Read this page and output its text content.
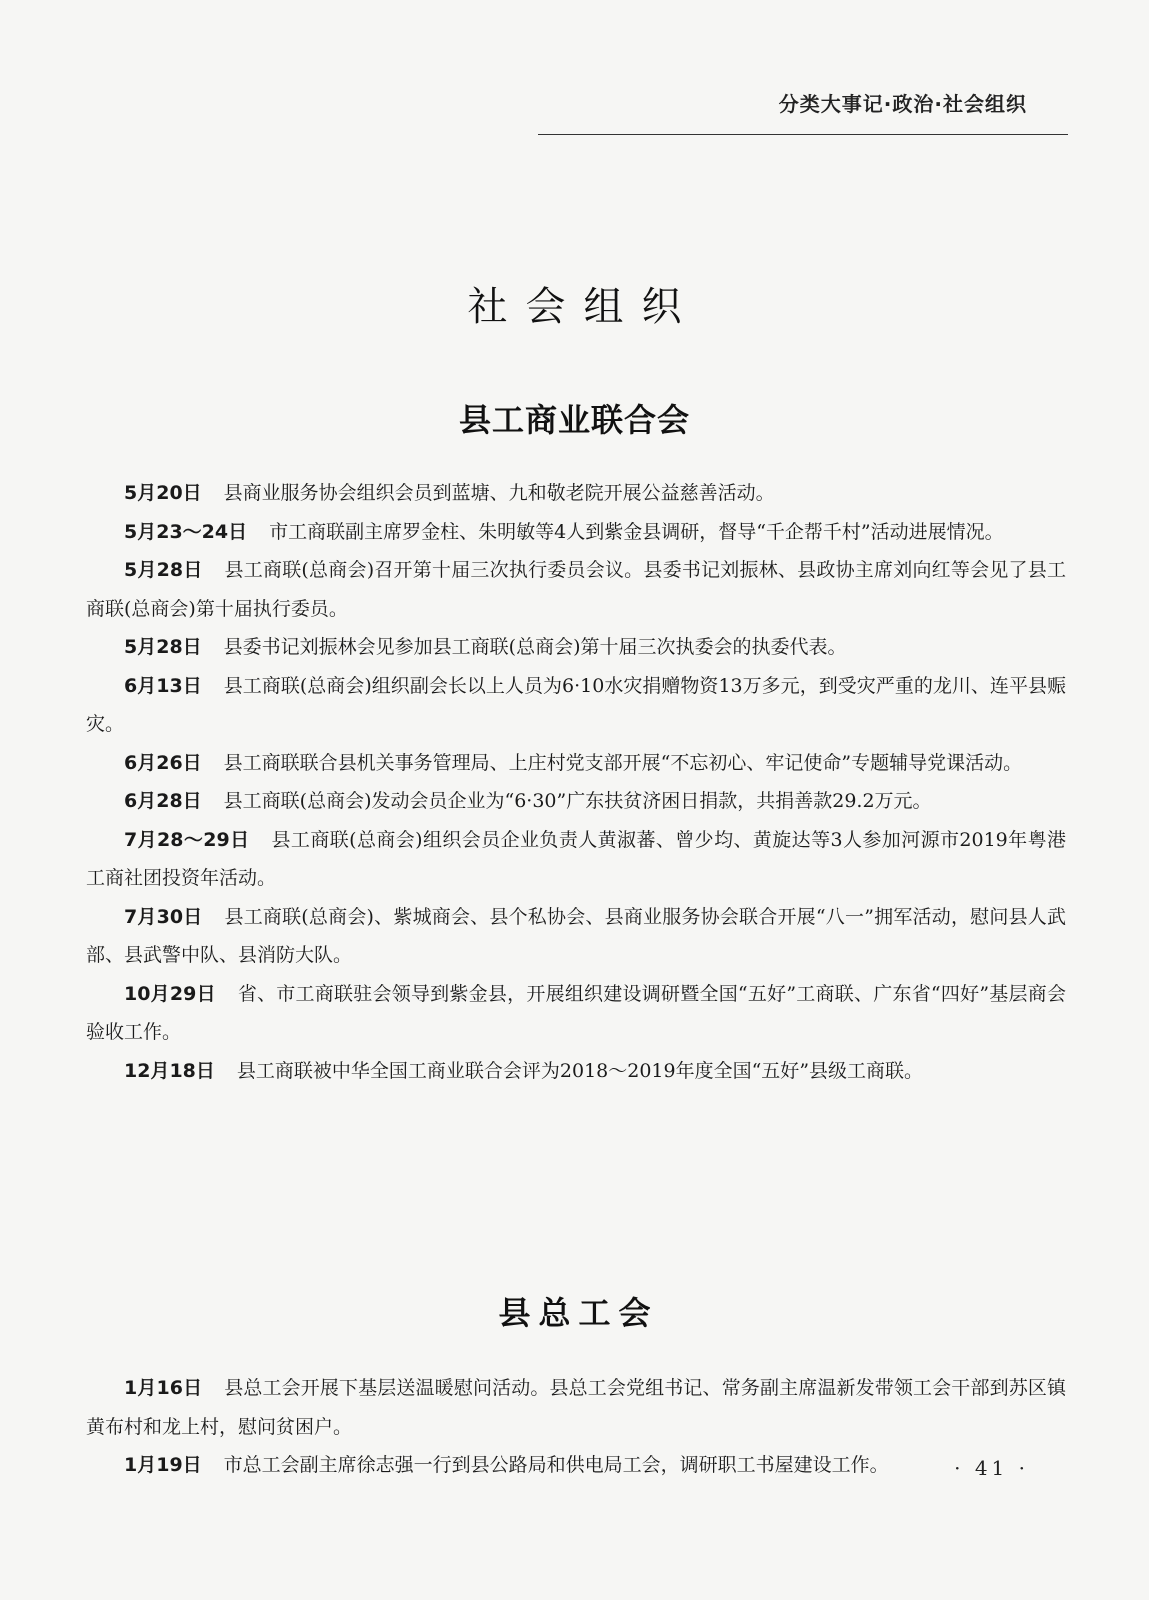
分类大事记·政治·社会组织
社会组织
县工商业联合会

5月20日 县商业服务协会组织会员到蓝塘、九和敬老院开展公益慈善活动。

5月23～24日 市工商联副主席罗金柱、朱明敏等4人到紫金县调研，督导“千企帮千村”活动进展情况。

5月28日 县工商联(总商会)召开第十届三次执行委员会议。县委书记刘振林、县政协主席刘向红等会见了县工商联(总商会)第十届执行委员。

5月28日 县委书记刘振林会见参加县工商联(总商会)第十届三次执委会的执委代表。

6月13日 县工商联(总商会)组织副会长以上人员为6·10水灾捐赠物资13万多元，到受灾严重的龙川、连平县赈灾。

6月26日 县工商联联合县机关事务管理局、上庄村党支部开展“不忘初心、牢记使命”专题辅导党课活动。

6月28日 县工商联(总商会)发动会员企业为“6·30”广东扶贫济困日捐款，共捐善款29.2万元。

7月28～29日 县工商联(总商会)组织会员企业负责人黄淑蕃、曾少均、黄旋达等3人参加河源市2019年粤港工商社团投资年活动。

7月30日 县工商联(总商会)、紫城商会、县个私协会、县商业服务协会联合开展“八一”拥军活动，慰问县人武部、县武警中队、县消防大队。

10月29日 省、市工商联驻会领导到紫金县，开展组织建设调研暨全国“五好”工商联、广东省“四好”基层商会验收工作。

12月18日 县工商联被中华全国工商业联合会评为2018～2019年度全国“五好”县级工商联。

县总工会

1月16日 县总工会开展下基层送温暖慰问活动。县总工会党组书记、常务副主席温新发带领工会干部到苏区镇黄布村和龙上村，慰问贫困户。

1月19日 市总工会副主席徐志强一行到县公路局和供电局工会，调研职工书屋建设工作。	· 41 ·
